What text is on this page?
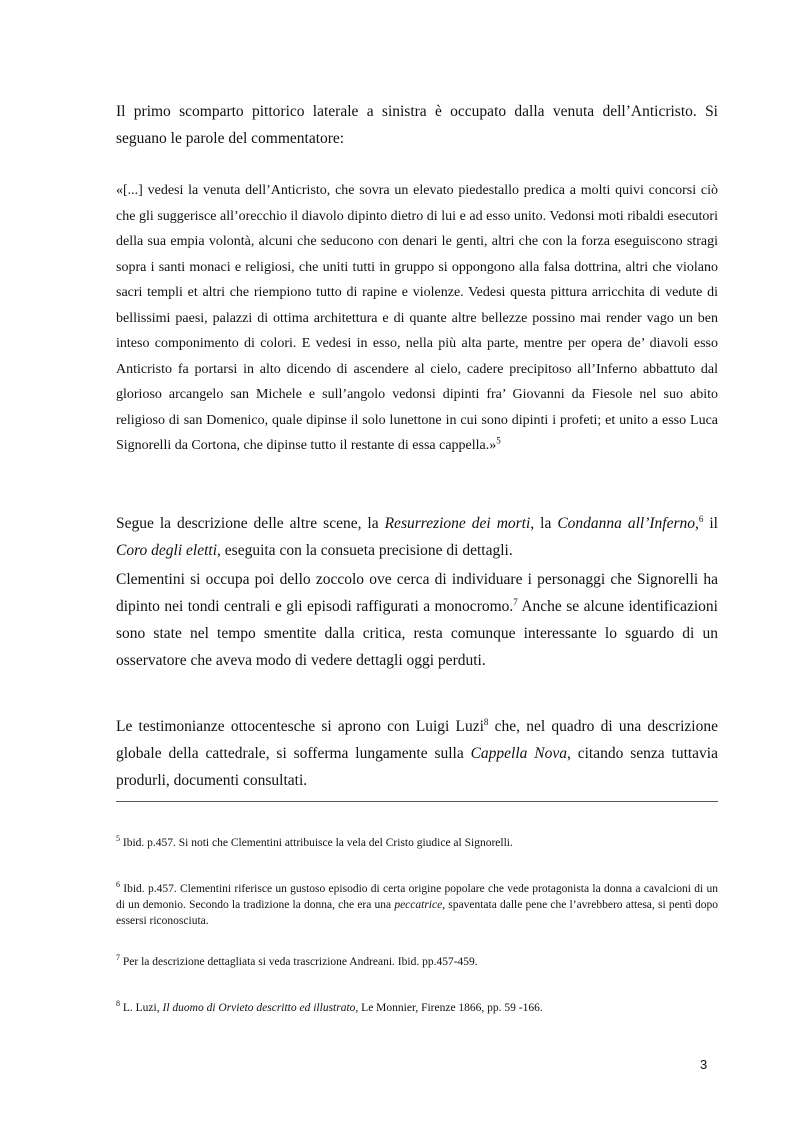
Il primo scomparto pittorico laterale a sinistra è occupato dalla venuta dell’Anticristo. Si seguano le parole del commentatore:

«[...] vedesi la venuta dell’Anticristo, che sovra un elevato piedestallo predica a molti quivi concorsi ciò che gli suggerisce all’orecchio il diavolo dipinto dietro di lui e ad esso unito. Vedonsi moti ribaldi esecutori della sua empia volontà, alcuni che seducono con denari le genti, altri che con la forza eseguiscono stragi sopra i santi monaci e religiosi, che uniti tutti in gruppo si oppongono alla falsa dottrina, altri che violano sacri templi et altri che riempiono tutto di rapine e violenze. Vedesi questa pittura arricchita di vedute di bellissimi paesi, palazzi di ottima architettura e di quante altre bellezze possino mai render vago un ben inteso componimento di colori. E vedesi in esso, nella più alta parte, mentre per opera de’ diavoli esso Anticristo fa portarsi in alto dicendo di ascendere al cielo, cadere precipitoso all’Inferno abbattuto dal glorioso arcangelo san Michele e sull’angolo vedonsi dipinti fra’ Giovanni da Fiesole nel suo abito religioso di san Domenico, quale dipinse il solo lunettone in cui sono dipinti i profeti; et unito a esso Luca Signorelli da Cortona, che dipinse tutto il restante di essa cappella.»$^5$

Segue la descrizione delle altre scene, la Resurrezione dei morti, la Condanna all’Inferno,$^6$ il Coro degli eletti, eseguita con la consueta precisione di dettagli.

Clementini si occupa poi dello zoccolo ove cerca di individuare i personaggi che Signorelli ha dipinto nei tondi centrali e gli episodi raffigurati a monocromo.$^7$ Anche se alcune identificazioni sono state nel tempo smentite dalla critica, resta comunque interessante lo sguardo di un osservatore che aveva modo di vedere dettagli oggi perduti.

Le testimonianze ottocentesche si aprono con Luigi Luzi$^8$ che, nel quadro di una descrizione globale della cattedrale, si sofferma lungamente sulla Cappella Nova, citando senza tuttavia produrli, documenti consultati.

$^5$ Ibid. p.457. Si noti che Clementini attribuisce la vela del Cristo giudice al Signorelli.

$^6$ Ibid. p.457. Clementini riferisce un gustoso episodio di certa origine popolare che vede protagonista la donna a cavalcioni di un di un demonio. Secondo la tradizione la donna, che era una peccatrice, spaventata dalle pene che l’avrebbero attesa, si pentì dopo essersi riconosciuta.

$^7$ Per la descrizione dettagliata si veda trascrizione Andreani. Ibid. pp.457-459.

$^8$ L. Luzi, Il duomo di Orvieto descritto ed illustrato, Le Monnier, Firenze 1866, pp. 59 -166.

3
